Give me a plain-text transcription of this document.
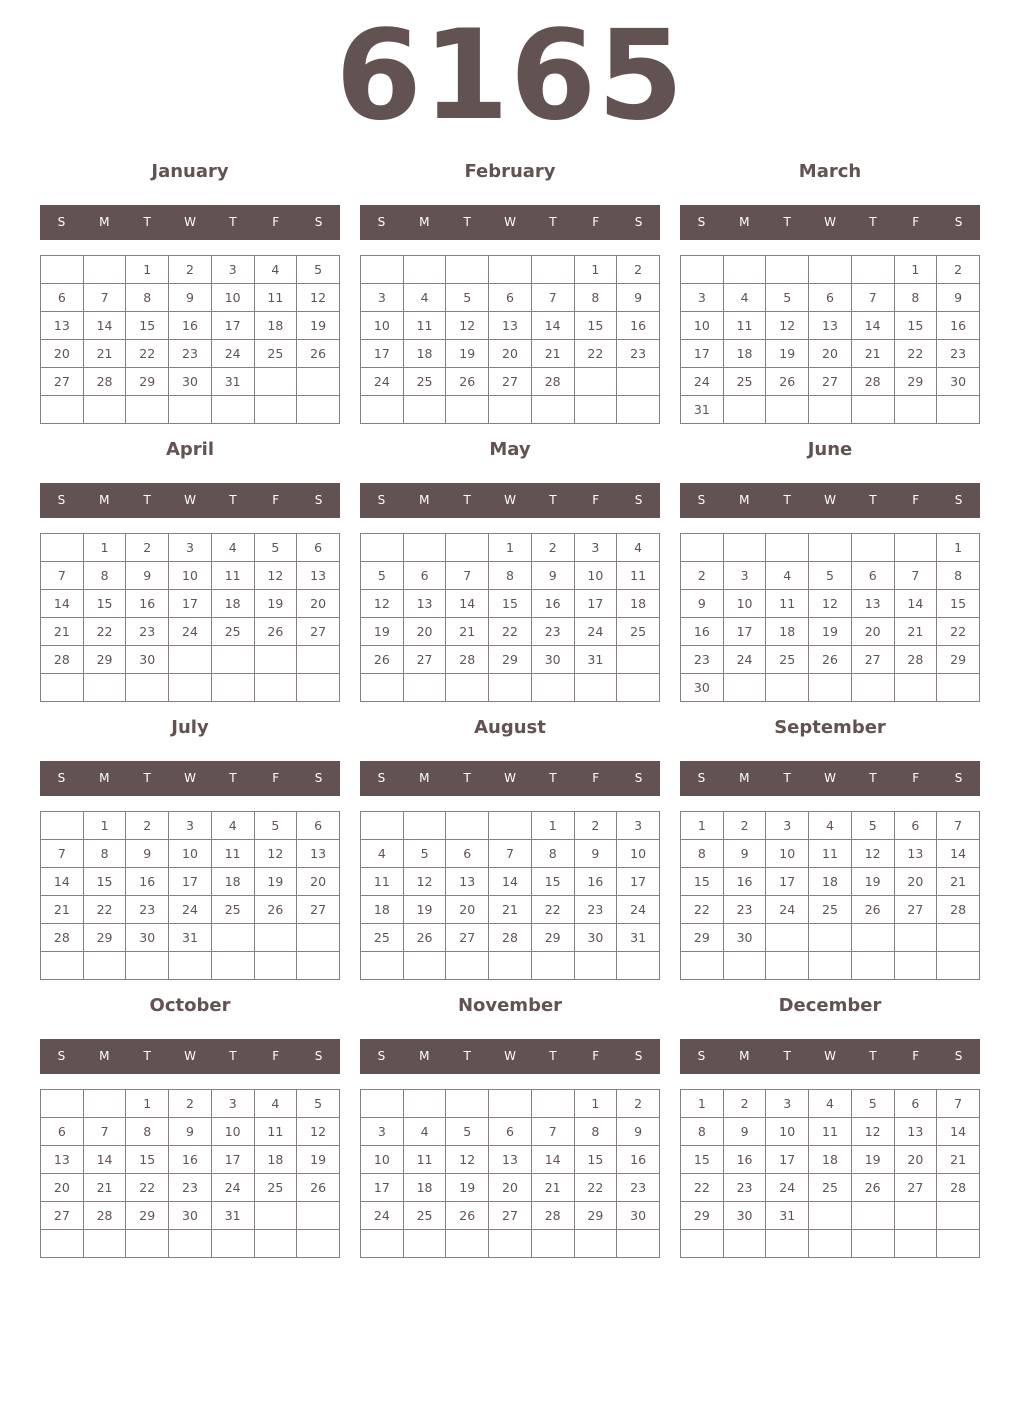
6165
January
S	M	T	W	T	F	S
		1	2	3	4	5
6	7	8	9	10	11	12
13	14	15	16	17	18	19
20	21	22	23	24	25	26
27	28	29	30	31		

February
S	M	T	W	T	F	S
					1	2
3	4	5	6	7	8	9
10	11	12	13	14	15	16
17	18	19	20	21	22	23
24	25	26	27	28		

March
S	M	T	W	T	F	S
					1	2
3	4	5	6	7	8	9
10	11	12	13	14	15	16
17	18	19	20	21	22	23
24	25	26	27	28	29	30
31						
April
S	M	T	W	T	F	S
	1	2	3	4	5	6
7	8	9	10	11	12	13
14	15	16	17	18	19	20
21	22	23	24	25	26	27
28	29	30				

May
S	M	T	W	T	F	S
			1	2	3	4
5	6	7	8	9	10	11
12	13	14	15	16	17	18
19	20	21	22	23	24	25
26	27	28	29	30	31	

June
S	M	T	W	T	F	S
						1
2	3	4	5	6	7	8
9	10	11	12	13	14	15
16	17	18	19	20	21	22
23	24	25	26	27	28	29
30						
July
S	M	T	W	T	F	S
	1	2	3	4	5	6
7	8	9	10	11	12	13
14	15	16	17	18	19	20
21	22	23	24	25	26	27
28	29	30	31			

August
S	M	T	W	T	F	S
				1	2	3
4	5	6	7	8	9	10
11	12	13	14	15	16	17
18	19	20	21	22	23	24
25	26	27	28	29	30	31

September
S	M	T	W	T	F	S
1	2	3	4	5	6	7
8	9	10	11	12	13	14
15	16	17	18	19	20	21
22	23	24	25	26	27	28
29	30					

October
S	M	T	W	T	F	S
		1	2	3	4	5
6	7	8	9	10	11	12
13	14	15	16	17	18	19
20	21	22	23	24	25	26
27	28	29	30	31		

November
S	M	T	W	T	F	S
					1	2
3	4	5	6	7	8	9
10	11	12	13	14	15	16
17	18	19	20	21	22	23
24	25	26	27	28	29	30

December
S	M	T	W	T	F	S
1	2	3	4	5	6	7
8	9	10	11	12	13	14
15	16	17	18	19	20	21
22	23	24	25	26	27	28
29	30	31				
